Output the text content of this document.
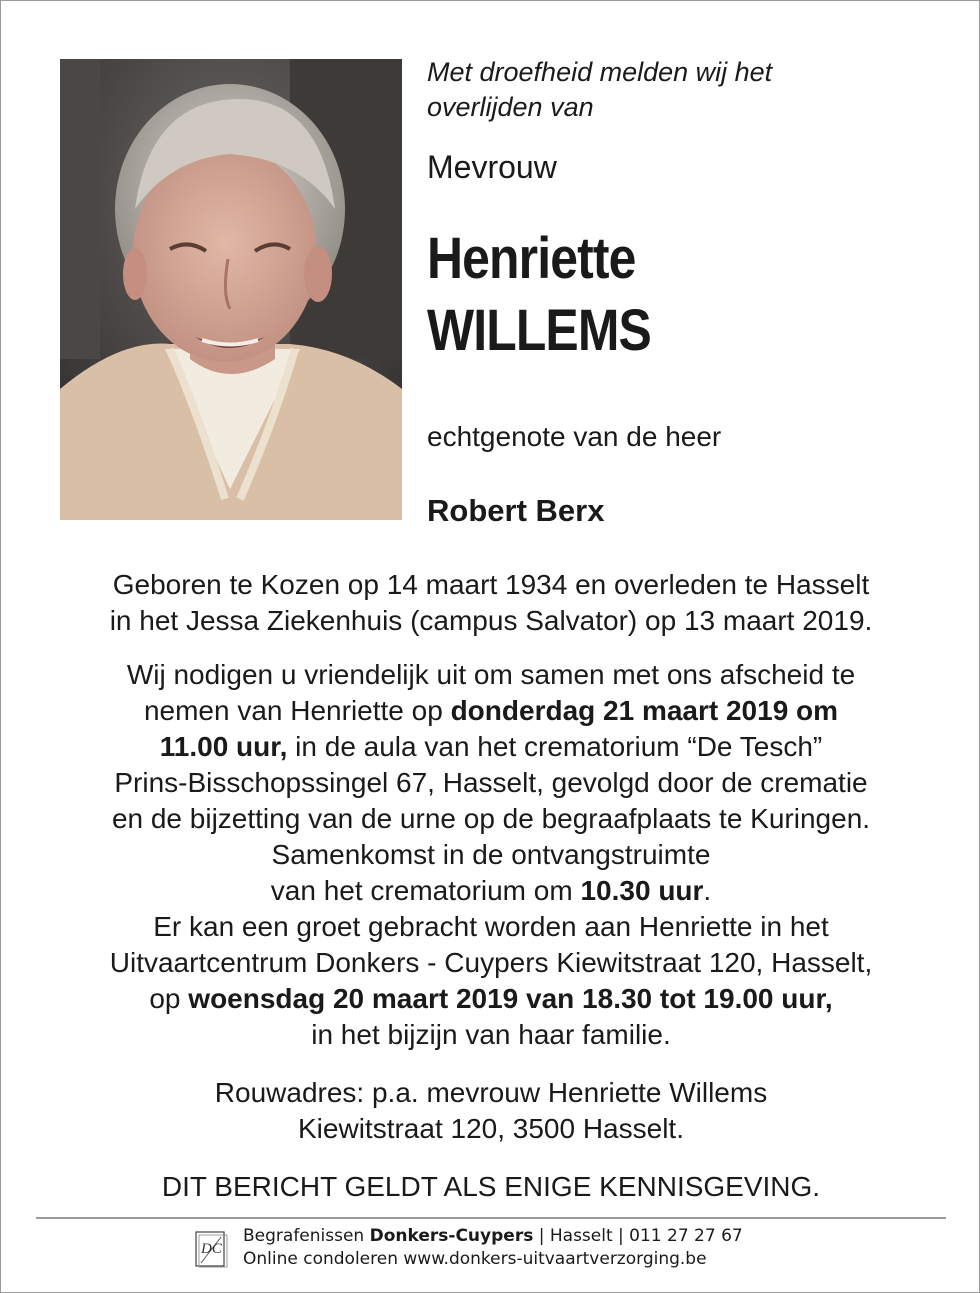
Met droefheid melden wij het
overlijden van
Mevrouw
Henriette
WILLEMS
echtgenote van de heer
Robert Berx

Geboren te Kozen op 14 maart 1934 en overleden te Hasselt

in het Jessa Ziekenhuis (campus Salvator) op 13 maart 2019.

Wij nodigen u vriendelijk uit om samen met ons afscheid te

nemen van Henriette op donderdag 21 maart 2019 om

11.00 uur, in de aula van het crematorium “De Tesch”

Prins-Bisschopssingel 67, Hasselt, gevolgd door de crematie

en de bijzetting van de urne op de begraafplaats te Kuringen.

Samenkomst in de ontvangstruimte

van het crematorium om 10.30 uur.

Er kan een groet gebracht worden aan Henriette in het

Uitvaartcentrum Donkers - Cuypers Kiewitstraat 120, Hasselt,

op woensdag 20 maart 2019 van 18.30 tot 19.00 uur,

in het bijzijn van haar familie.

Rouwadres: p.a. mevrouw Henriette Willems

Kiewitstraat 120, 3500 Hasselt.

DIT BERICHT GELDT ALS ENIGE KENNISGEVING.

DC
Begrafenissen Donkers-Cuypers | Hasselt | 011 27 27 67
Online condoleren www.donkers-uitvaartverzorging.be
